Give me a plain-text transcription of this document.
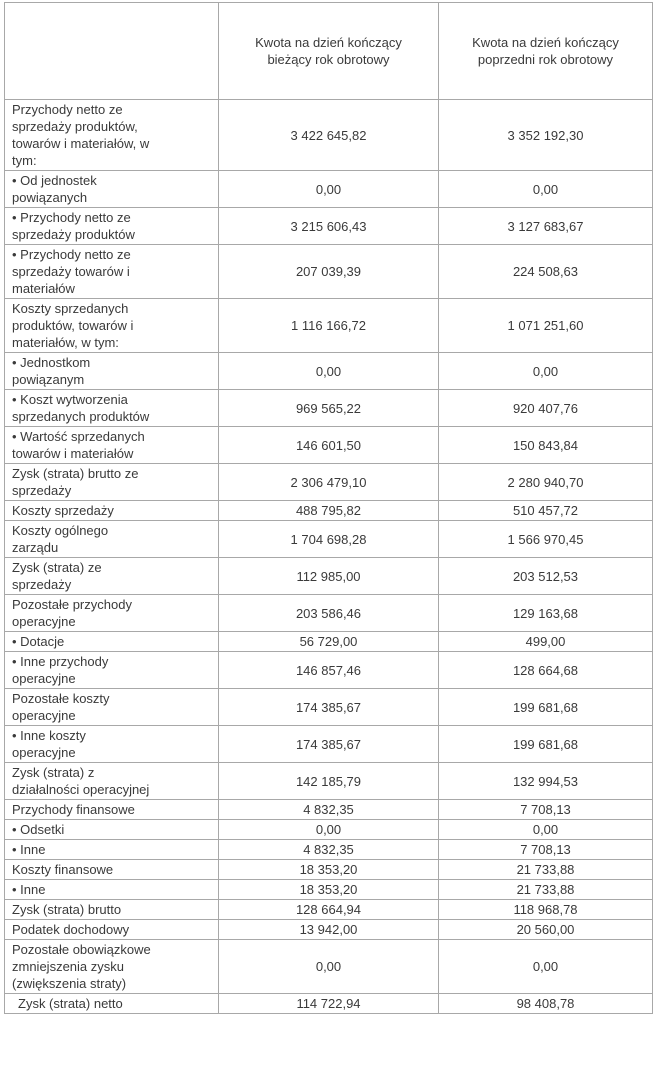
	Kwota na dzień kończący bieżący rok obrotowy	Kwota na dzień kończący poprzedni rok obrotowy

Przychody netto ze sprzedaży produktów, towarów i materiałów, w tym:	3 422 645,82	3 352 192,30

• Od jednostek powiązanych	0,00	0,00

• Przychody netto ze sprzedaży produktów	3 215 606,43	3 127 683,67

• Przychody netto ze sprzedaży towarów i materiałów	207 039,39	224 508,63

Koszty sprzedanych produktów, towarów i materiałów, w tym:	1 116 166,72	1 071 251,60

• Jednostkom powiązanym	0,00	0,00

• Koszt wytworzenia sprzedanych produktów	969 565,22	920 407,76

• Wartość sprzedanych towarów i materiałów	146 601,50	150 843,84

Zysk (strata) brutto ze sprzedaży	2 306 479,10	2 280 940,70

Koszty sprzedaży	488 795,82	510 457,72

Koszty ogólnego zarządu	1 704 698,28	1 566 970,45

Zysk (strata) ze sprzedaży	112 985,00	203 512,53

Pozostałe przychody operacyjne	203 586,46	129 163,68

• Dotacje	56 729,00	499,00

• Inne przychody operacyjne	146 857,46	128 664,68

Pozostałe koszty operacyjne	174 385,67	199 681,68

• Inne koszty operacyjne	174 385,67	199 681,68

Zysk (strata) z działalności operacyjnej	142 185,79	132 994,53

Przychody finansowe	4 832,35	7 708,13

• Odsetki	0,00	0,00

• Inne	4 832,35	7 708,13

Koszty finansowe	18 353,20	21 733,88

• Inne	18 353,20	21 733,88

Zysk (strata) brutto	128 664,94	118 968,78

Podatek dochodowy	13 942,00	20 560,00

Pozostałe obowiązkowe zmniejszenia zysku (zwiększenia straty)	0,00	0,00

Zysk (strata) netto	114 722,94	98 408,78
